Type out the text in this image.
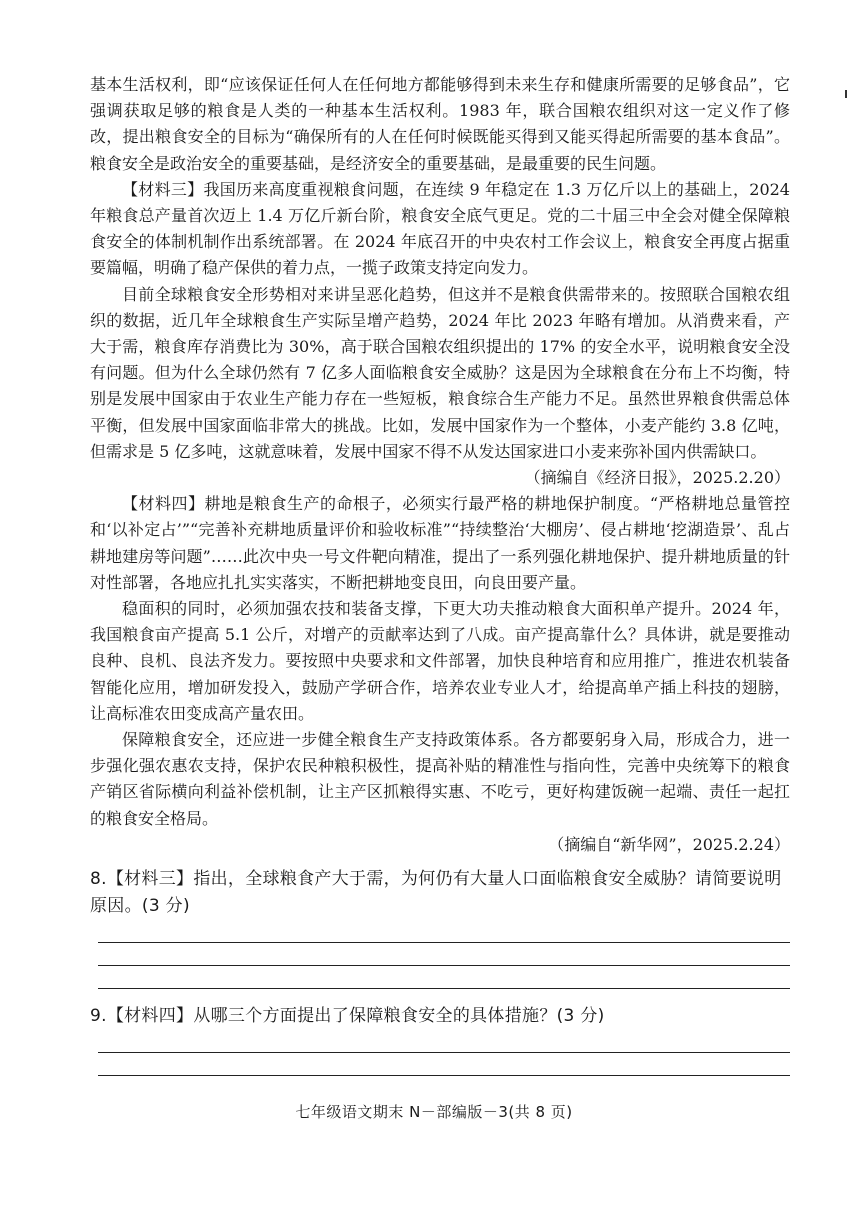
基本生活权利，即“应该保证任何人在任何地方都能够得到未来生存和健康所需要的足够食品”，它强调获取足够的粮食是人类的一种基本生活权利。1983 年，联合国粮农组织对这一定义作了修改，提出粮食安全的目标为“确保所有的人在任何时候既能买得到又能买得起所需要的基本食品”。粮食安全是政治安全的重要基础，是经济安全的重要基础，是最重要的民生问题。

【材料三】我国历来高度重视粮食问题，在连续 9 年稳定在 1.3 万亿斤以上的基础上，2024 年粮食总产量首次迈上 1.4 万亿斤新台阶，粮食安全底气更足。党的二十届三中全会对健全保障粮食安全的体制机制作出系统部署。在 2024 年底召开的中央农村工作会议上，粮食安全再度占据重要篇幅，明确了稳产保供的着力点，一揽子政策支持定向发力。

目前全球粮食安全形势相对来讲呈恶化趋势，但这并不是粮食供需带来的。按照联合国粮农组织的数据，近几年全球粮食生产实际呈增产趋势，2024 年比 2023 年略有增加。从消费来看，产大于需，粮食库存消费比为 30%，高于联合国粮农组织提出的 17% 的安全水平，说明粮食安全没有问题。但为什么全球仍然有 7 亿多人面临粮食安全威胁？这是因为全球粮食在分布上不均衡，特别是发展中国家由于农业生产能力存在一些短板，粮食综合生产能力不足。虽然世界粮食供需总体平衡，但发展中国家面临非常大的挑战。比如，发展中国家作为一个整体，小麦产能约 3.8 亿吨，但需求是 5 亿多吨，这就意味着，发展中国家不得不从发达国家进口小麦来弥补国内供需缺口。

（摘编自《经济日报》，2025.2.20）

【材料四】耕地是粮食生产的命根子，必须实行最严格的耕地保护制度。“严格耕地总量管控和‘以补定占’”“完善补充耕地质量评价和验收标准”“持续整治‘大棚房’、侵占耕地‘挖湖造景’、乱占耕地建房等问题”……此次中央一号文件靶向精准，提出了一系列强化耕地保护、提升耕地质量的针对性部署，各地应扎扎实实落实，不断把耕地变良田，向良田要产量。

稳面积的同时，必须加强农技和装备支撑，下更大功夫推动粮食大面积单产提升。2024 年，我国粮食亩产提高 5.1 公斤，对增产的贡献率达到了八成。亩产提高靠什么？具体讲，就是要推动良种、良机、良法齐发力。要按照中央要求和文件部署，加快良种培育和应用推广，推进农机装备智能化应用，增加研发投入，鼓励产学研合作，培养农业专业人才，给提高单产插上科技的翅膀，让高标准农田变成高产量农田。

保障粮食安全，还应进一步健全粮食生产支持政策体系。各方都要躬身入局，形成合力，进一步强化强农惠农支持，保护农民种粮积极性，提高补贴的精准性与指向性，完善中央统筹下的粮食产销区省际横向利益补偿机制，让主产区抓粮得实惠、不吃亏，更好构建饭碗一起端、责任一起扛的粮食安全格局。

（摘编自“新华网”，2025.2.24）

8.【材料三】指出，全球粮食产大于需，为何仍有大量人口面临粮食安全威胁？请简要说明原因。(3 分)

9.【材料四】从哪三个方面提出了保障粮食安全的具体措施？(3 分)

七年级语文期末 N－部编版－3(共 8 页)
